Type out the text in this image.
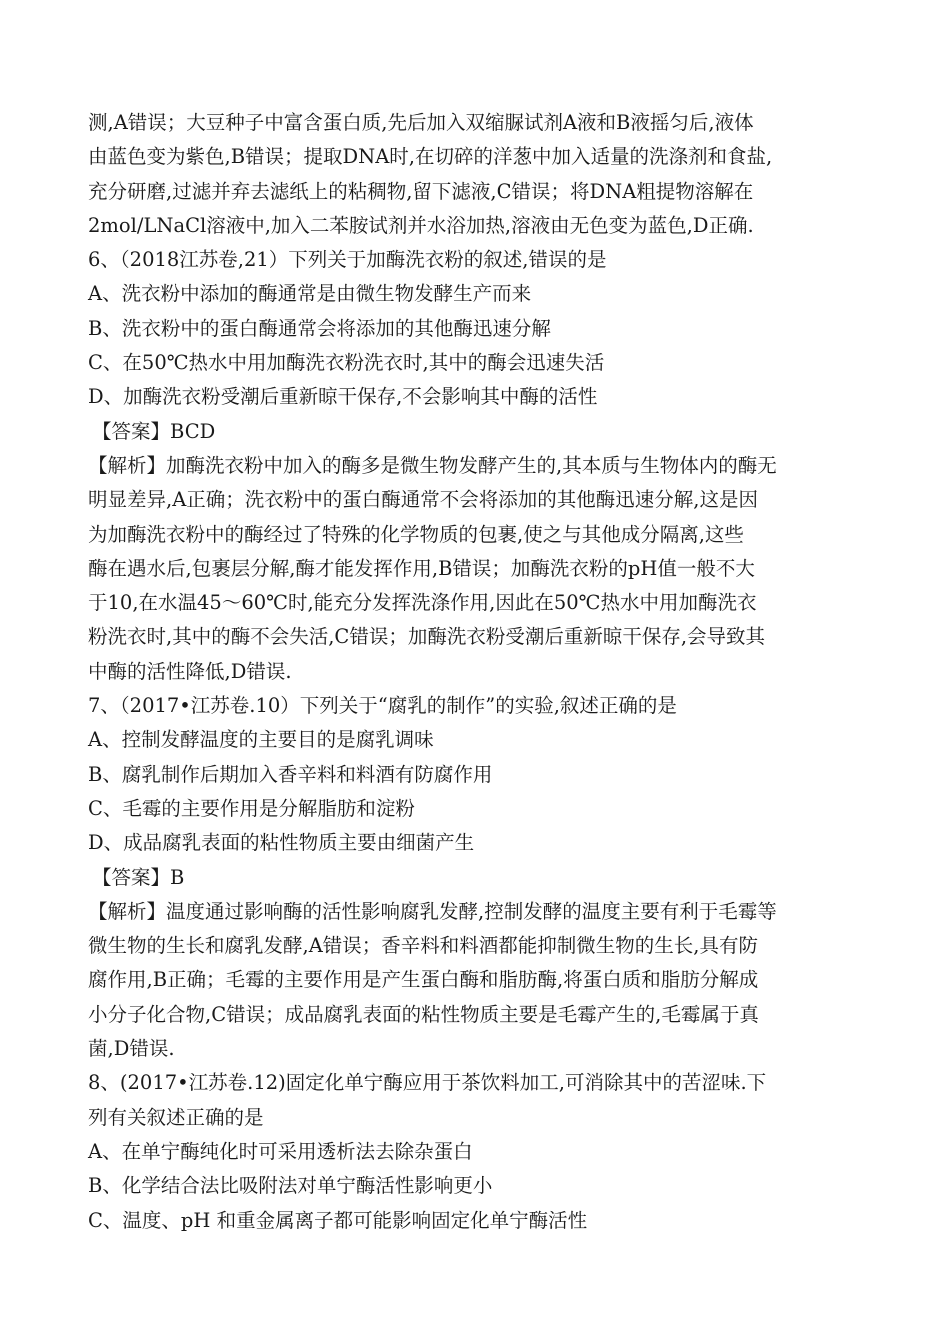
测,A错误；大豆种子中富含蛋白质,先后加入双缩脲试剂A液和B液摇匀后,液体
由蓝色变为紫色,B错误；提取DNA时,在切碎的洋葱中加入适量的洗涤剂和食盐,
充分研磨,过滤并弃去滤纸上的粘稠物,留下滤液,C错误；将DNA粗提物溶解在
2mol/LNaCl溶液中,加入二苯胺试剂并水浴加热,溶液由无色变为蓝色,D正确.
6、（2018江苏卷,21）下列关于加酶洗衣粉的叙述,错误的是
A、洗衣粉中添加的酶通常是由微生物发酵生产而来
B、洗衣粉中的蛋白酶通常会将添加的其他酶迅速分解
C、在50℃热水中用加酶洗衣粉洗衣时,其中的酶会迅速失活
D、加酶洗衣粉受潮后重新晾干保存,不会影响其中酶的活性
【答案】BCD
【解析】加酶洗衣粉中加入的酶多是微生物发酵产生的,其本质与生物体内的酶无
明显差异,A正确；洗衣粉中的蛋白酶通常不会将添加的其他酶迅速分解,这是因
为加酶洗衣粉中的酶经过了特殊的化学物质的包裹,使之与其他成分隔离,这些
酶在遇水后,包裹层分解,酶才能发挥作用,B错误；加酶洗衣粉的pH值一般不大
于10,在水温45～60℃时,能充分发挥洗涤作用,因此在50℃热水中用加酶洗衣
粉洗衣时,其中的酶不会失活,C错误；加酶洗衣粉受潮后重新晾干保存,会导致其
中酶的活性降低,D错误.
7、（2017•江苏卷.10）下列关于“腐乳的制作”的实验,叙述正确的是
A、控制发酵温度的主要目的是腐乳调味
B、腐乳制作后期加入香辛料和料酒有防腐作用
C、毛霉的主要作用是分解脂肪和淀粉
D、成品腐乳表面的粘性物质主要由细菌产生
【答案】B
【解析】温度通过影响酶的活性影响腐乳发酵,控制发酵的温度主要有利于毛霉等
微生物的生长和腐乳发酵,A错误；香辛料和料酒都能抑制微生物的生长,具有防
腐作用,B正确；毛霉的主要作用是产生蛋白酶和脂肪酶,将蛋白质和脂肪分解成
小分子化合物,C错误；成品腐乳表面的粘性物质主要是毛霉产生的,毛霉属于真
菌,D错误.
8、(2017•江苏卷.12)固定化单宁酶应用于茶饮料加工,可消除其中的苦涩味.下
列有关叙述正确的是
A、在单宁酶纯化时可采用透析法去除杂蛋白
B、化学结合法比吸附法对单宁酶活性影响更小
C、温度、pH 和重金属离子都可能影响固定化单宁酶活性
